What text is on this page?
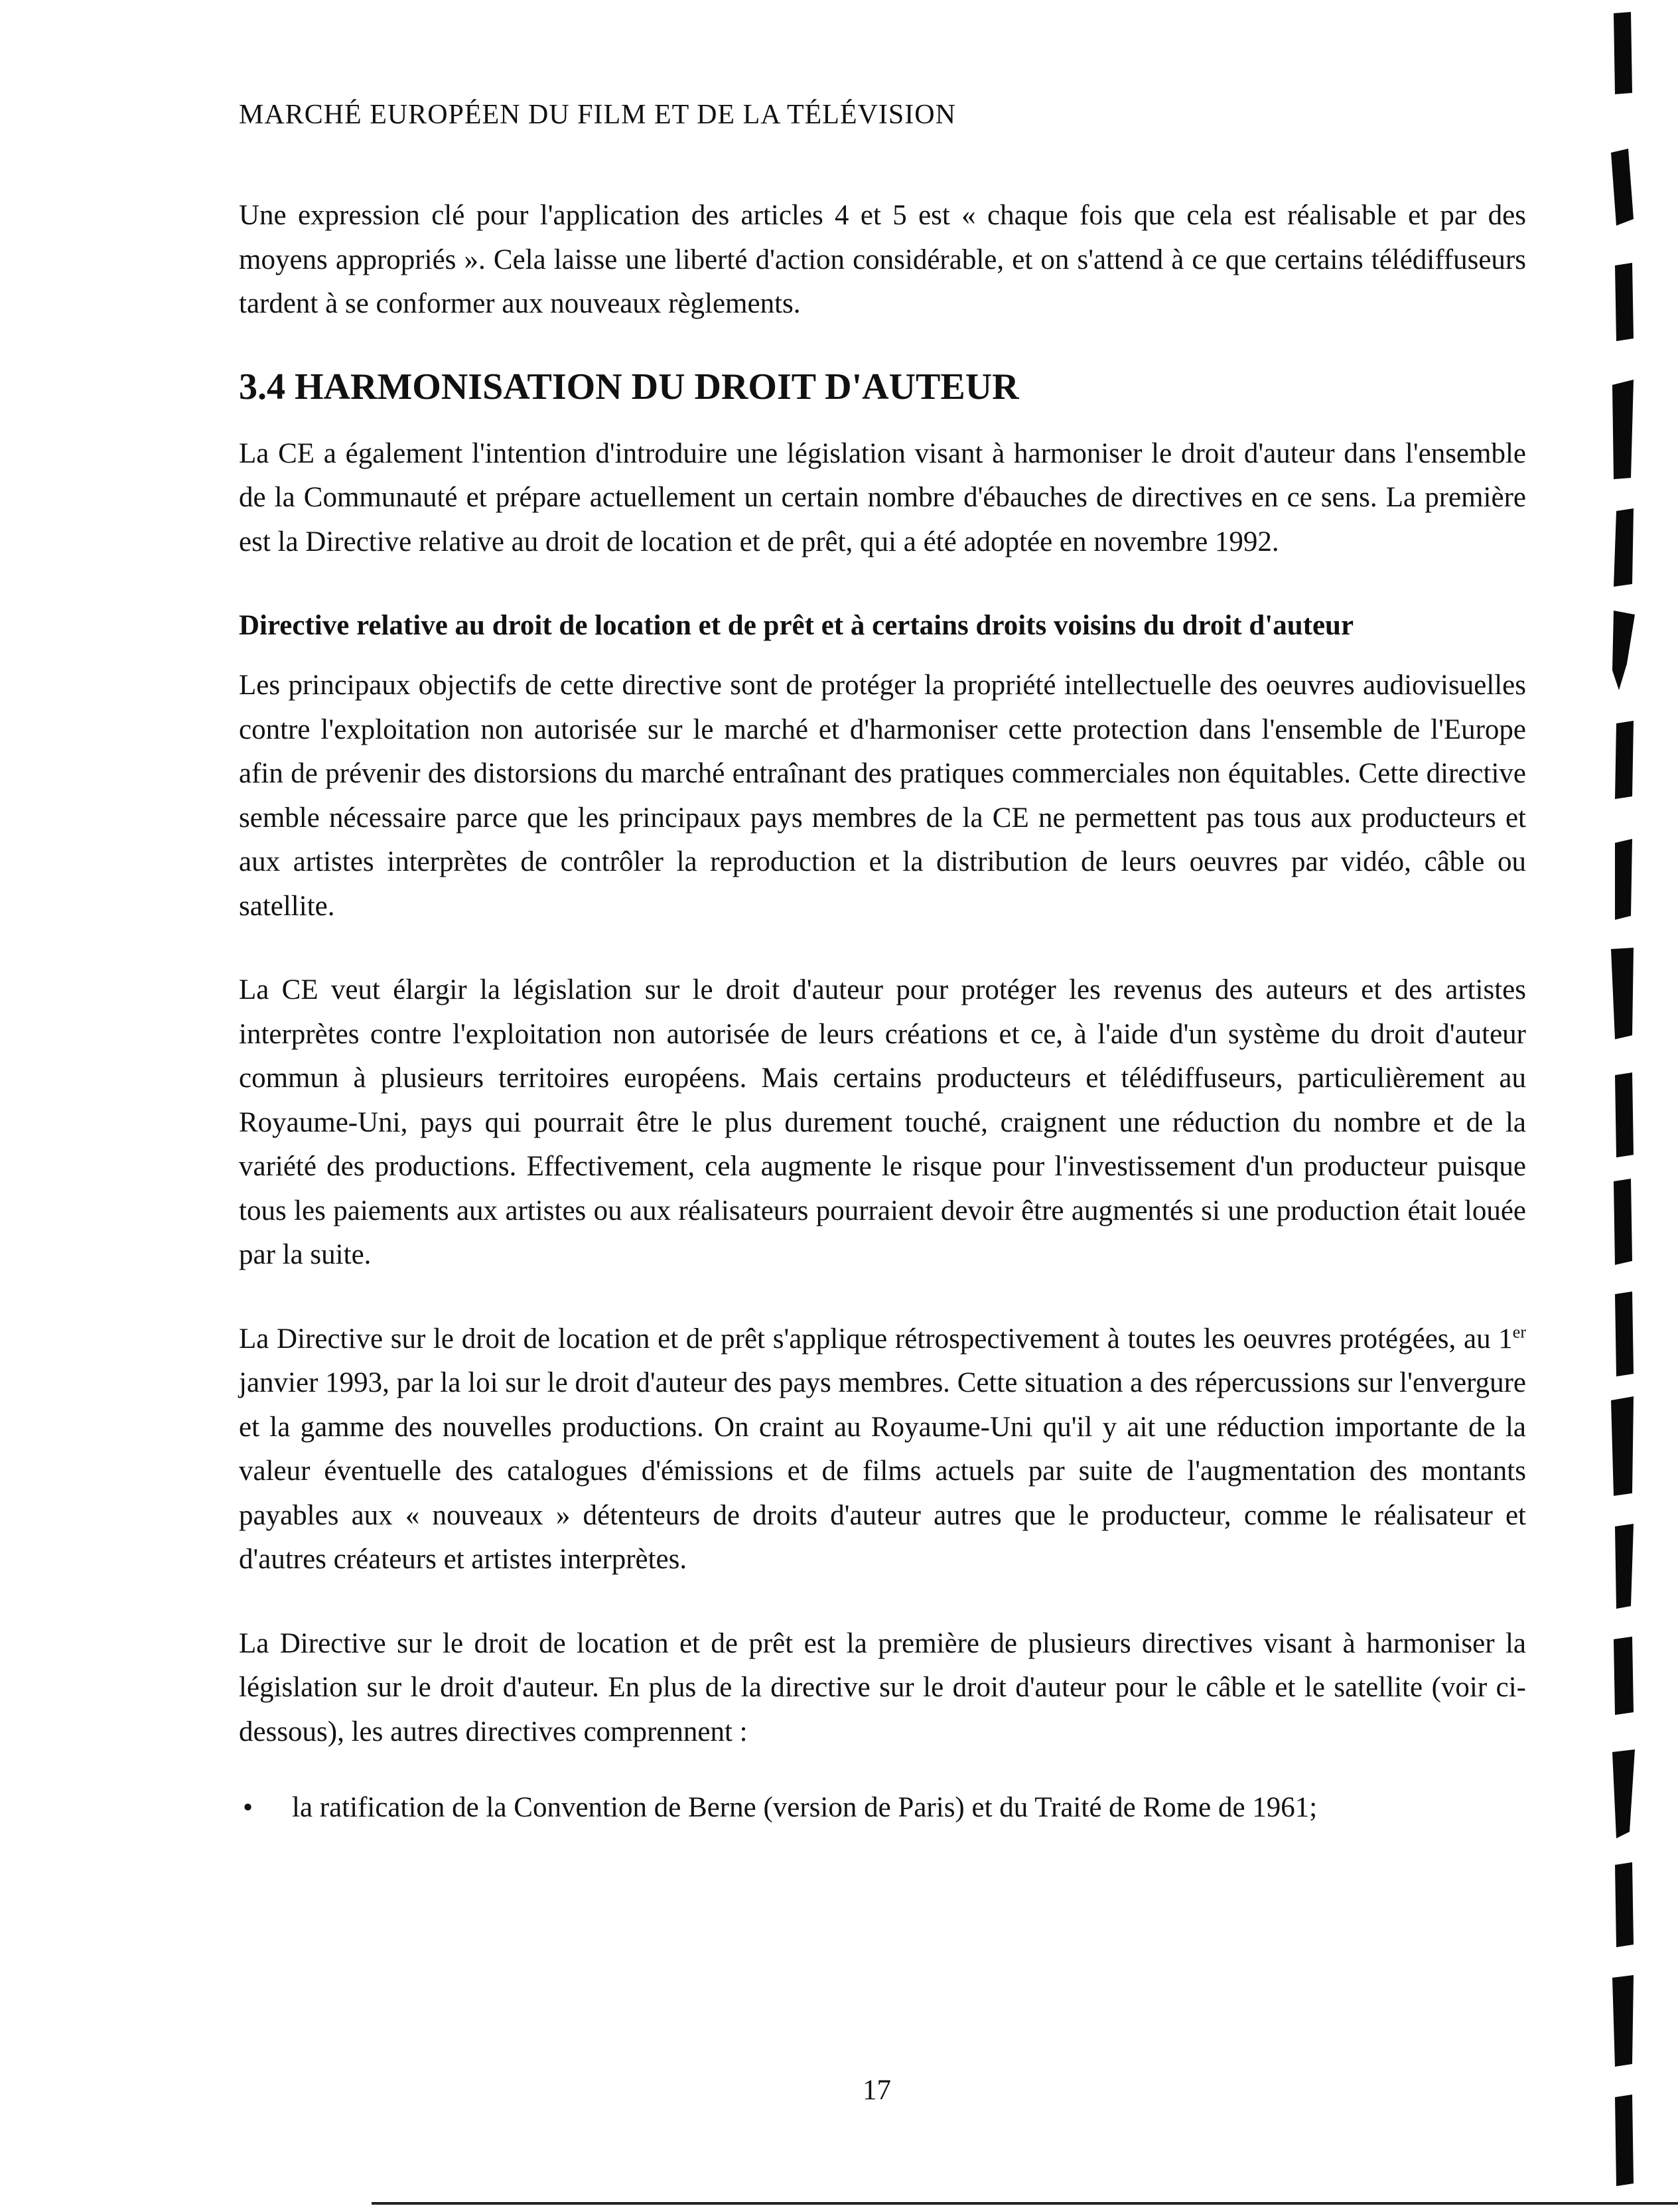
MARCHÉ EUROPÉEN DU FILM ET DE LA TÉLÉVISION

Une expression clé pour l'application des articles 4 et 5 est « chaque fois que cela est réalisable et par des moyens appropriés ». Cela laisse une liberté d'action considérable, et on s'attend à ce que certains télédiffuseurs tardent à se conformer aux nouveaux règlements.

3.4 HARMONISATION DU DROIT D'AUTEUR

La CE a également l'intention d'introduire une législation visant à harmoniser le droit d'auteur dans l'ensemble de la Communauté et prépare actuellement un certain nombre d'ébauches de directives en ce sens. La première est la Directive relative au droit de location et de prêt, qui a été adoptée en novembre 1992.

Directive relative au droit de location et de prêt et à certains droits voisins du droit d'auteur

Les principaux objectifs de cette directive sont de protéger la propriété intellectuelle des oeuvres audiovisuelles contre l'exploitation non autorisée sur le marché et d'harmoniser cette protection dans l'ensemble de l'Europe afin de prévenir des distorsions du marché entraînant des pratiques commerciales non équitables. Cette directive semble nécessaire parce que les principaux pays membres de la CE ne permettent pas tous aux producteurs et aux artistes interprètes de contrôler la reproduction et la distribution de leurs oeuvres par vidéo, câble ou satellite.

La CE veut élargir la législation sur le droit d'auteur pour protéger les revenus des auteurs et des artistes interprètes contre l'exploitation non autorisée de leurs créations et ce, à l'aide d'un système du droit d'auteur commun à plusieurs territoires européens. Mais certains producteurs et télédiffuseurs, particulièrement au Royaume-Uni, pays qui pourrait être le plus durement touché, craignent une réduction du nombre et de la variété des productions. Effectivement, cela augmente le risque pour l'investissement d'un producteur puisque tous les paiements aux artistes ou aux réalisateurs pourraient devoir être augmentés si une production était louée par la suite.

La Directive sur le droit de location et de prêt s'applique rétrospectivement à toutes les oeuvres protégées, au 1er janvier 1993, par la loi sur le droit d'auteur des pays membres. Cette situation a des répercussions sur l'envergure et la gamme des nouvelles productions. On craint au Royaume-Uni qu'il y ait une réduction importante de la valeur éventuelle des catalogues d'émissions et de films actuels par suite de l'augmentation des montants payables aux « nouveaux » détenteurs de droits d'auteur autres que le producteur, comme le réalisateur et d'autres créateurs et artistes interprètes.

La Directive sur le droit de location et de prêt est la première de plusieurs directives visant à harmoniser la législation sur le droit d'auteur. En plus de la directive sur le droit d'auteur pour le câble et le satellite (voir ci-dessous), les autres directives comprennent :

• la ratification de la Convention de Berne (version de Paris) et du Traité de Rome de 1961;
17
